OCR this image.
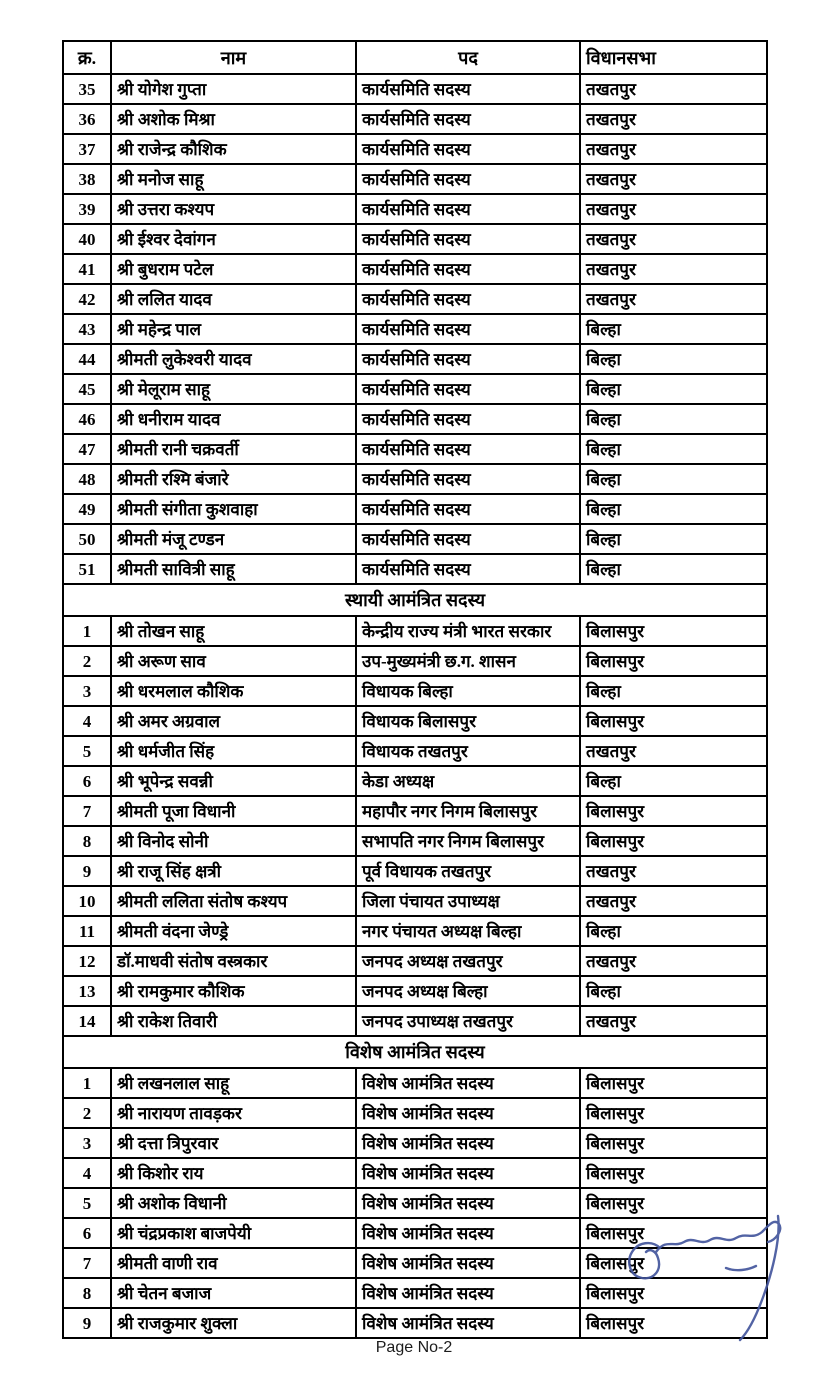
क्र.	नाम	पद	विधानसभा
35	श्री योगेश गुप्ता	कार्यसमिति सदस्य	तखतपुर
36	श्री अशोक मिश्रा	कार्यसमिति सदस्य	तखतपुर
37	श्री राजेन्द्र कौशिक	कार्यसमिति सदस्य	तखतपुर
38	श्री मनोज साहू	कार्यसमिति सदस्य	तखतपुर
39	श्री उत्तरा कश्यप	कार्यसमिति सदस्य	तखतपुर
40	श्री ईश्वर देवांगन	कार्यसमिति सदस्य	तखतपुर
41	श्री बुधराम पटेल	कार्यसमिति सदस्य	तखतपुर
42	श्री ललित यादव	कार्यसमिति सदस्य	तखतपुर
43	श्री महेन्द्र पाल	कार्यसमिति सदस्य	बिल्हा
44	श्रीमती लुकेश्वरी यादव	कार्यसमिति सदस्य	बिल्हा
45	श्री मेलूराम साहू	कार्यसमिति सदस्य	बिल्हा
46	श्री धनीराम यादव	कार्यसमिति सदस्य	बिल्हा
47	श्रीमती रानी चक्रवर्ती	कार्यसमिति सदस्य	बिल्हा
48	श्रीमती रश्मि बंजारे	कार्यसमिति सदस्य	बिल्हा
49	श्रीमती संगीता कुशवाहा	कार्यसमिति सदस्य	बिल्हा
50	श्रीमती मंजू टण्डन	कार्यसमिति सदस्य	बिल्हा
51	श्रीमती सावित्री साहू	कार्यसमिति सदस्य	बिल्हा
स्थायी आमंत्रित सदस्य			
1	श्री तोखन साहू	केन्द्रीय राज्य मंत्री भारत सरकार	बिलासपुर
2	श्री अरूण साव	उप-मुख्यमंत्री छ.ग. शासन	बिलासपुर
3	श्री धरमलाल कौशिक	विधायक बिल्हा	बिल्हा
4	श्री अमर अग्रवाल	विधायक बिलासपुर	बिलासपुर
5	श्री धर्मजीत सिंह	विधायक तखतपुर	तखतपुर
6	श्री भूपेन्द्र सवन्नी	केडा अध्यक्ष	बिल्हा
7	श्रीमती पूजा विधानी	महापौर नगर निगम बिलासपुर	बिलासपुर
8	श्री विनोद सोनी	सभापति नगर निगम बिलासपुर	बिलासपुर
9	श्री राजू सिंह क्षत्री	पूर्व विधायक तखतपुर	तखतपुर
10	श्रीमती ललिता संतोष कश्यप	जिला पंचायत उपाध्यक्ष	तखतपुर
11	श्रीमती वंदना जेण्ड्रे	नगर पंचायत अध्यक्ष बिल्हा	बिल्हा
12	डॉ.माधवी संतोष वस्त्रकार	जनपद अध्यक्ष तखतपुर	तखतपुर
13	श्री रामकुमार कौशिक	जनपद अध्यक्ष बिल्हा	बिल्हा
14	श्री राकेश तिवारी	जनपद उपाध्यक्ष तखतपुर	तखतपुर
विशेष आमंत्रित सदस्य			
1	श्री लखनलाल साहू	विशेष आमंत्रित सदस्य	बिलासपुर
2	श्री नारायण तावड़कर	विशेष आमंत्रित सदस्य	बिलासपुर
3	श्री दत्ता त्रिपुरवार	विशेष आमंत्रित सदस्य	बिलासपुर
4	श्री किशोर राय	विशेष आमंत्रित सदस्य	बिलासपुर
5	श्री अशोक विधानी	विशेष आमंत्रित सदस्य	बिलासपुर
6	श्री चंद्रप्रकाश बाजपेयी	विशेष आमंत्रित सदस्य	बिलासपुर
7	श्रीमती वाणी राव	विशेष आमंत्रित सदस्य	बिलासपुर
8	श्री चेतन बजाज	विशेष आमंत्रित सदस्य	बिलासपुर
9	श्री राजकुमार शुक्ला	विशेष आमंत्रित सदस्य	बिलासपुर
Page No-2
